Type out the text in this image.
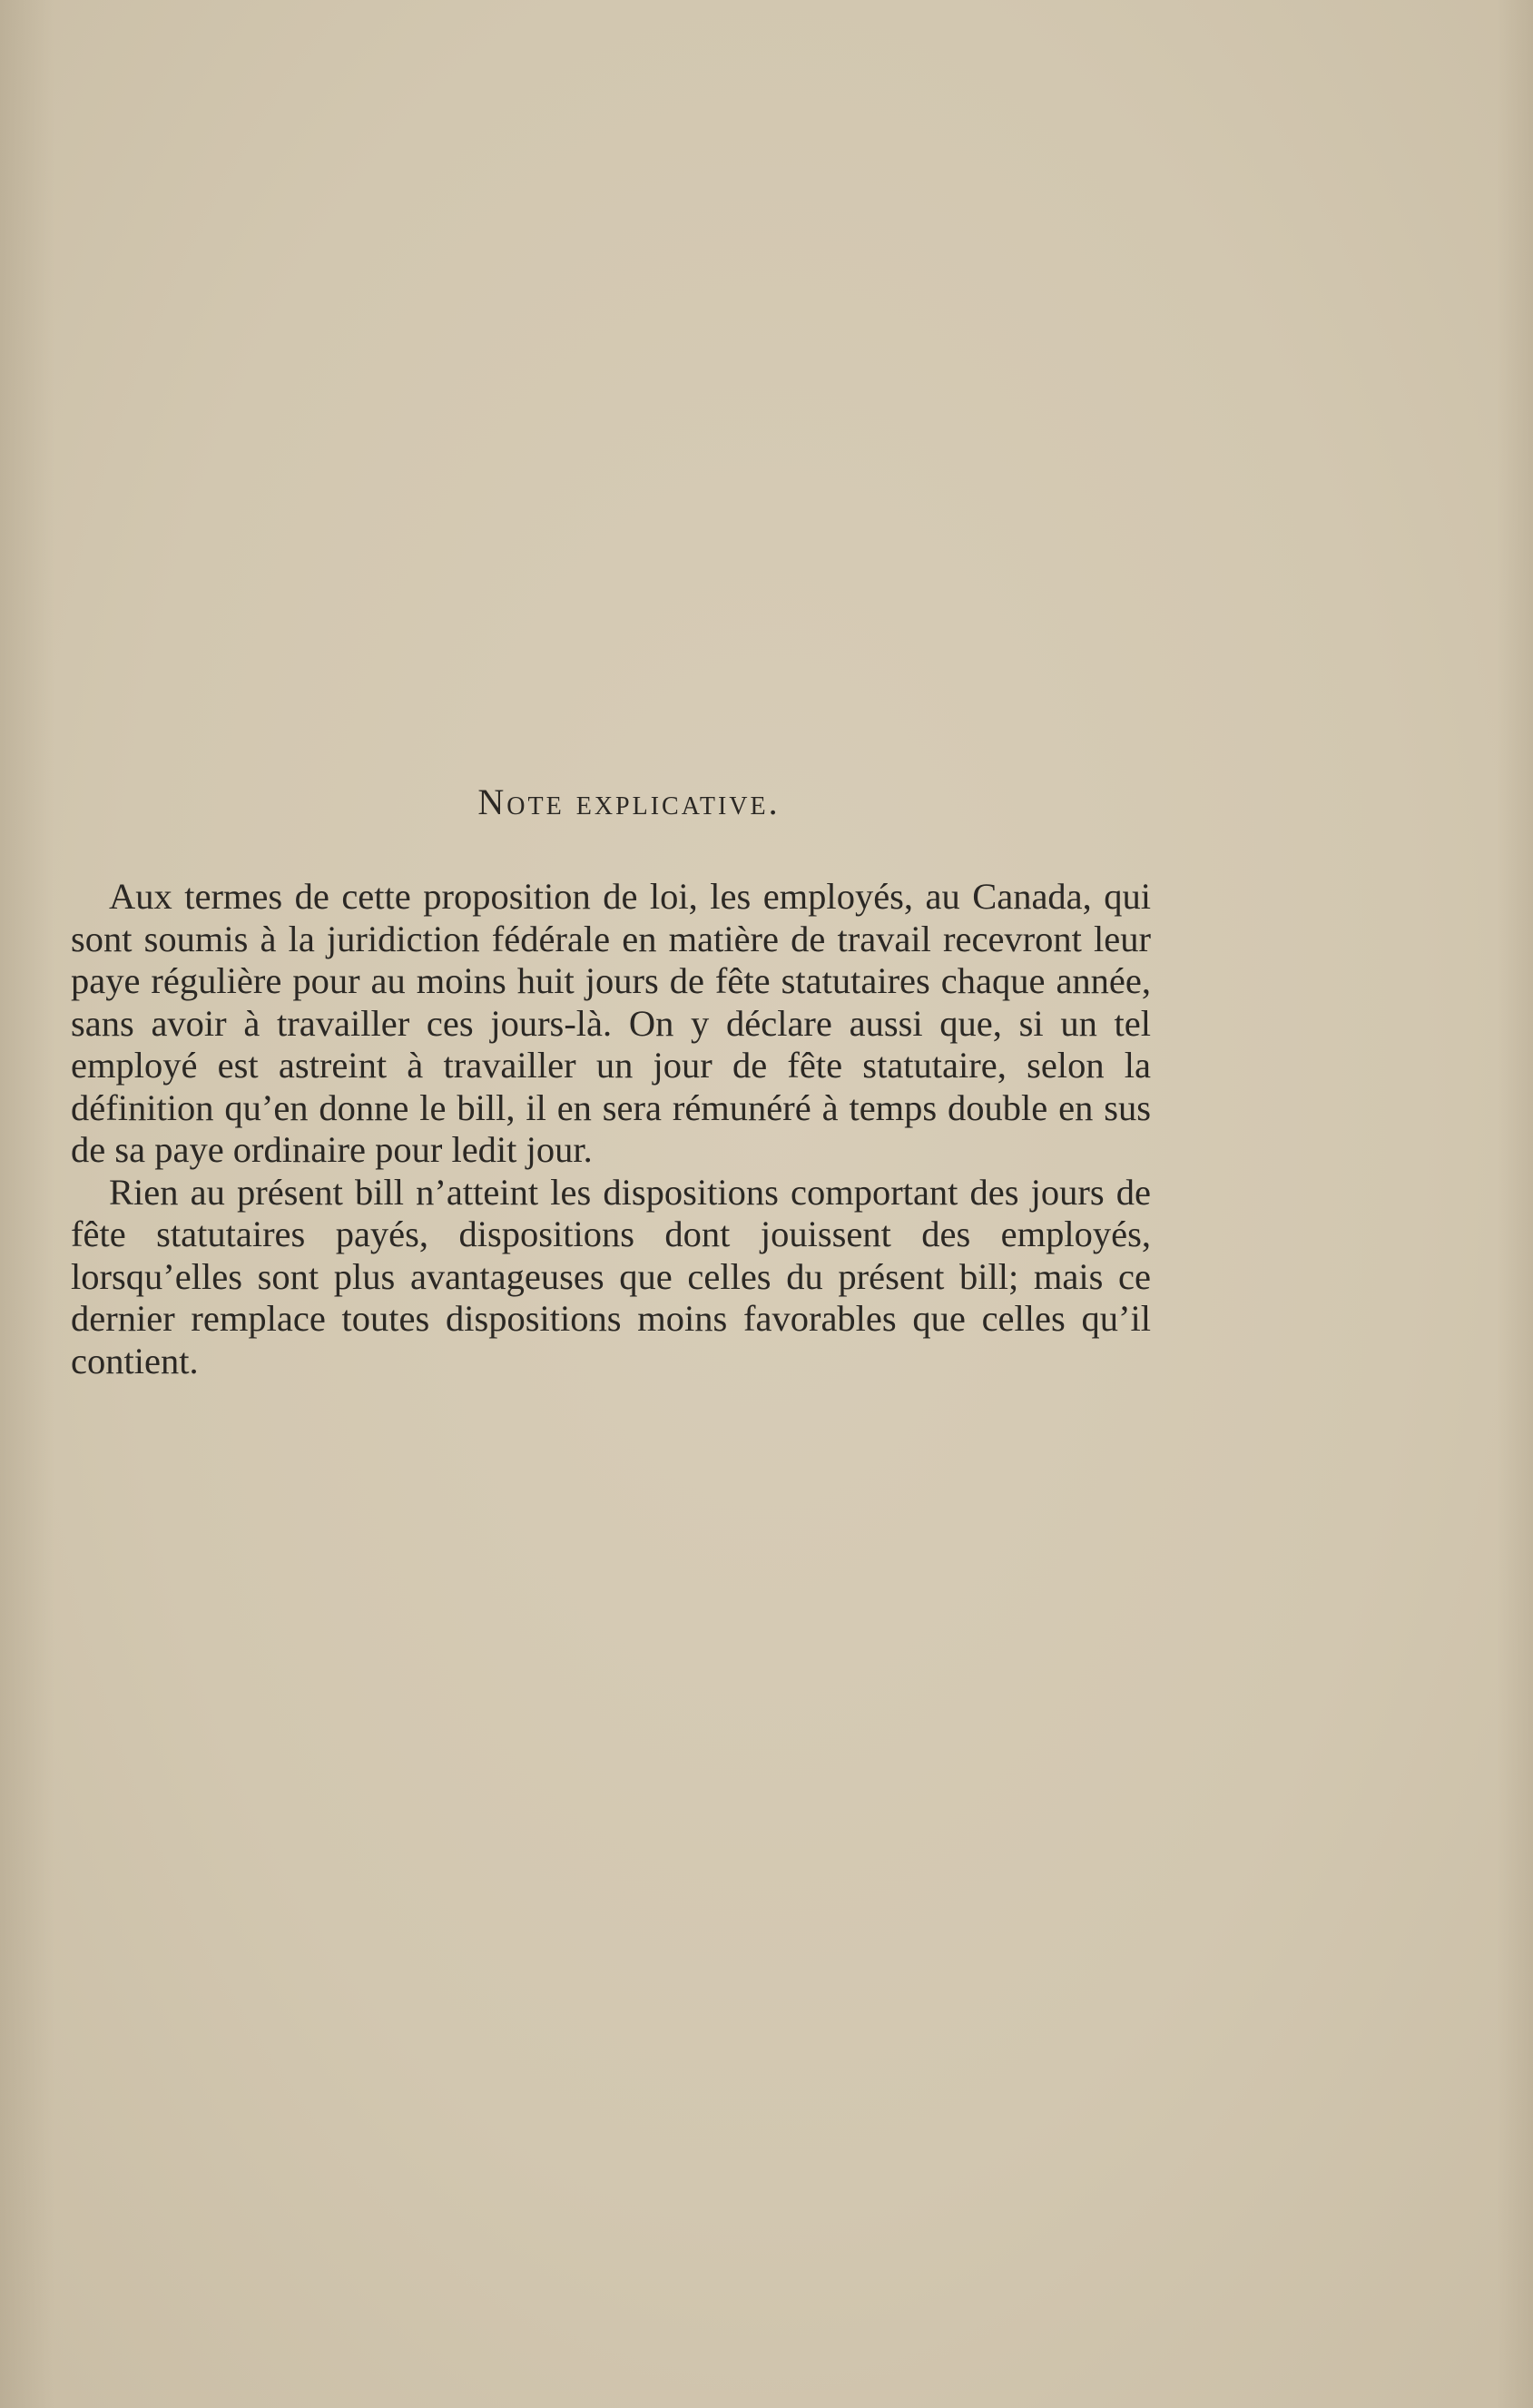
Note explicative.

Aux termes de cette proposition de loi, les employés, au Canada, qui sont soumis à la juridiction fédérale en matière de travail recevront leur paye régulière pour au moins huit jours de fête statutaires chaque année, sans avoir à travailler ces jours-là. On y déclare aussi que, si un tel employé est astreint à travailler un jour de fête statutaire, selon la définition qu’en donne le bill, il en sera rémunéré à temps double en sus de sa paye ordinaire pour ledit jour.

Rien au présent bill n’atteint les dispositions comportant des jours de fête statutaires payés, dispositions dont jouissent des employés, lorsqu’elles sont plus avantageuses que celles du présent bill; mais ce dernier remplace toutes dispositions moins favorables que celles qu’il contient.
